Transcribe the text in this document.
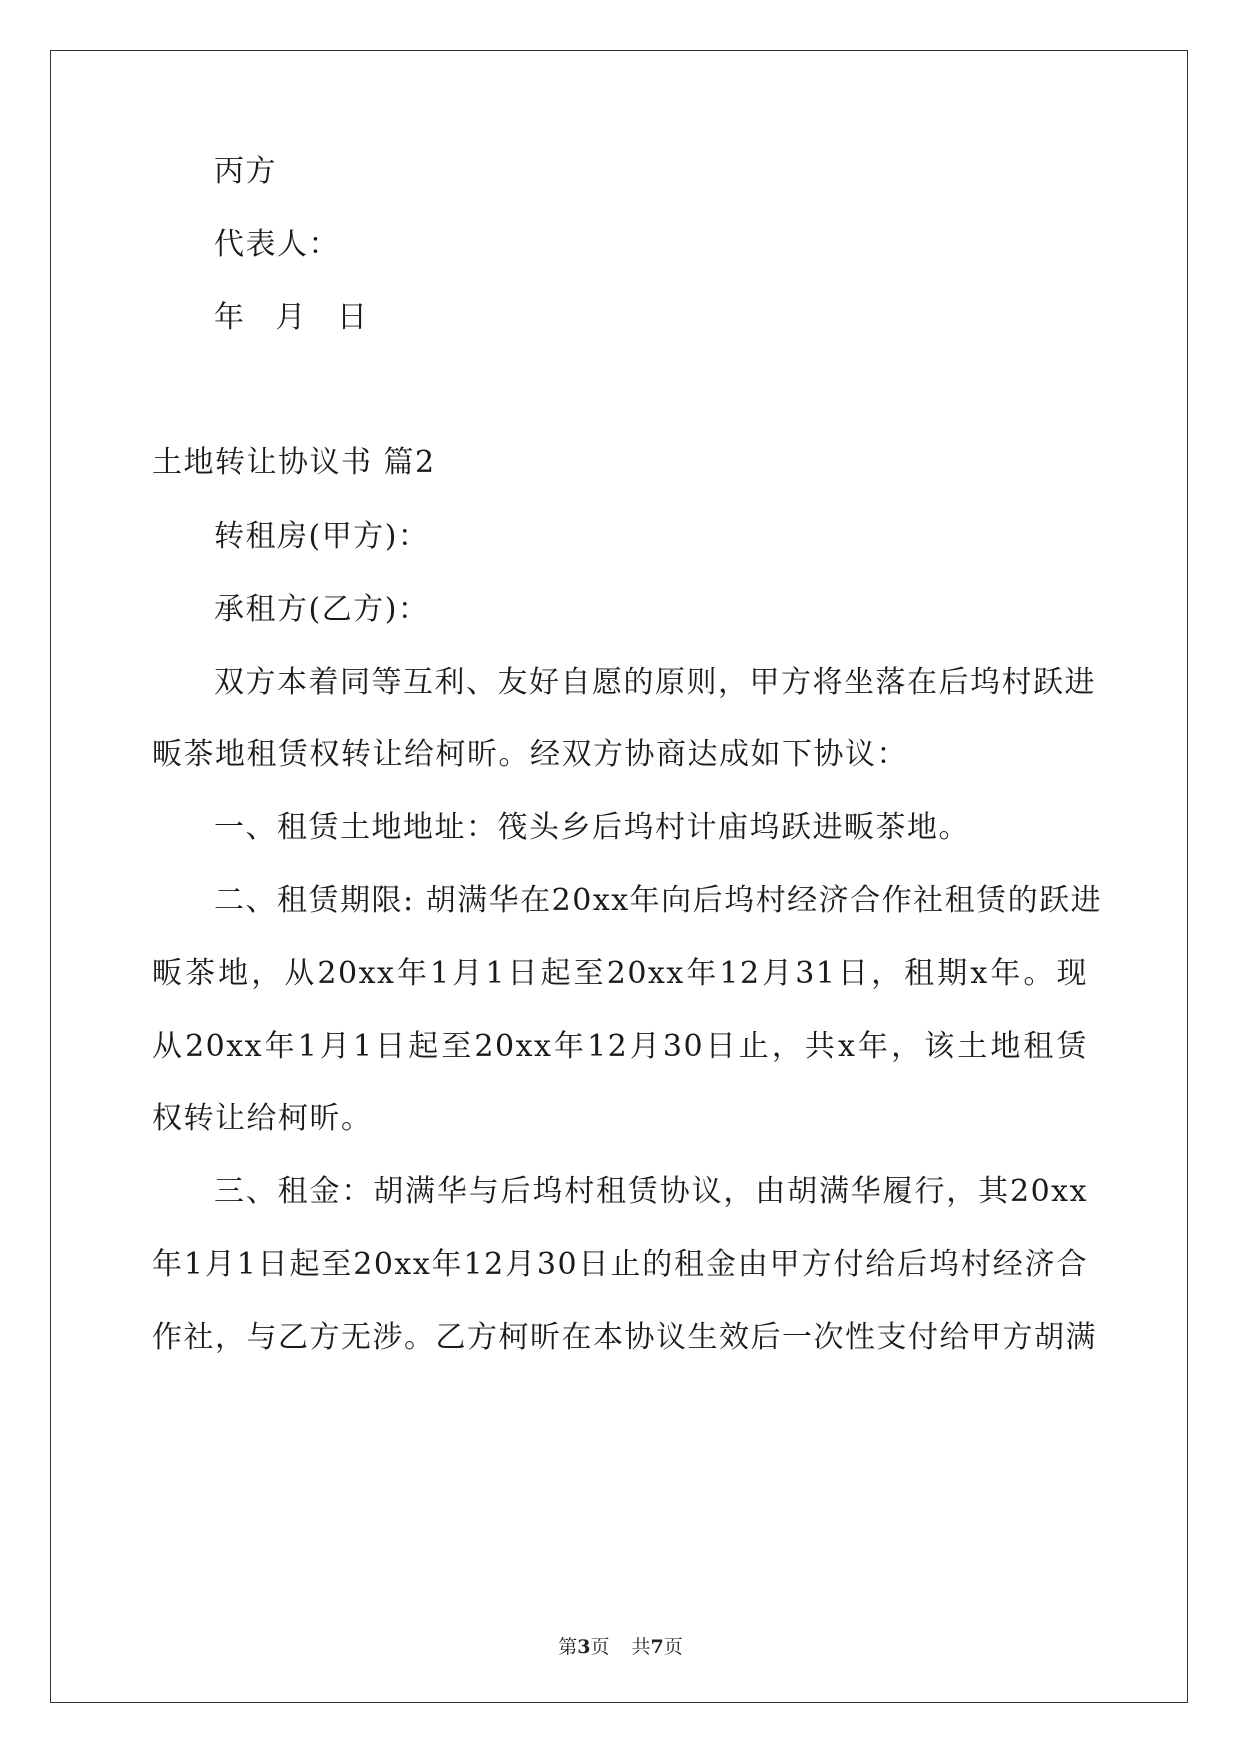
丙方
代表人：
年 月 日
土地转让协议书 篇2
转租房(甲方)：
承租方(乙方)：
双方本着同等互利、友好自愿的原则，甲方将坐落在后坞村跃进
畈茶地租赁权转让给柯昕。经双方协商达成如下协议：
一、租赁土地地址：筏头乡后坞村计庙坞跃进畈茶地。
二、租赁期限: 胡满华在20xx年向后坞村经济合作社租赁的跃进
畈茶地，从20xx年1月1日起至20xx年12月31日，租期x年。现
从20xx年1月1日起至20xx年12月30日止，共x年，该土地租赁
权转让给柯昕。
三、租金：胡满华与后坞村租赁协议，由胡满华履行，其20xx
年1月1日起至20xx年12月30日止的租金由甲方付给后坞村经济合
作社，与乙方无涉。乙方柯昕在本协议生效后一次性支付给甲方胡满
第3页 共7页
